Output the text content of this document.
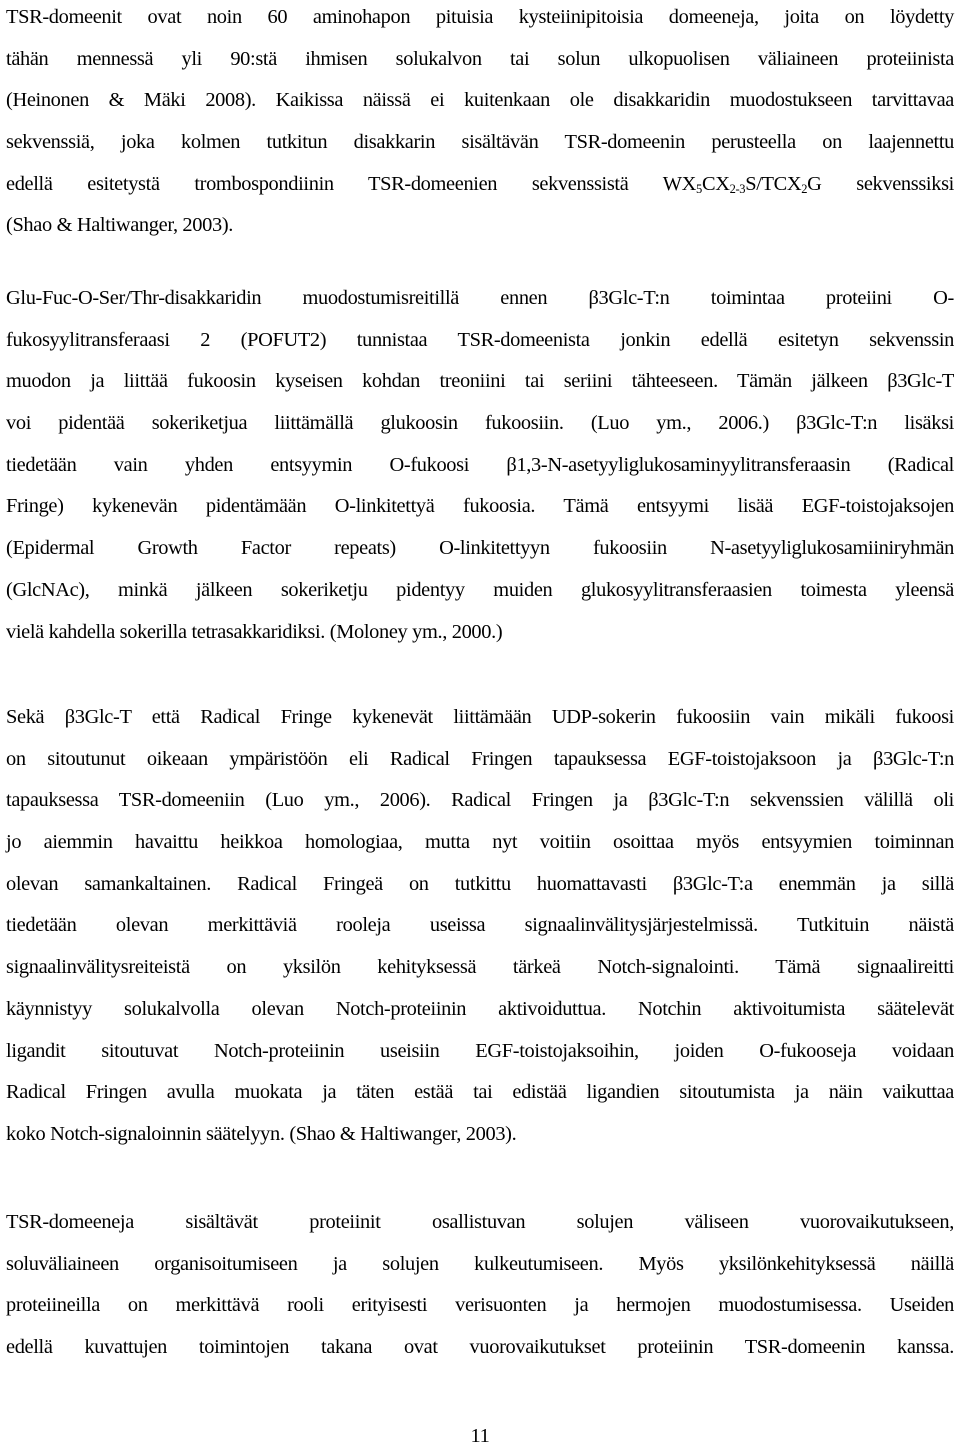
TSR-domeenit ovat noin 60 aminohapon pituisia kysteiinipitoisia domeeneja, joita on löydetty
tähän mennessä yli 90:stä ihmisen solukalvon tai solun ulkopuolisen väliaineen proteiinista
(Heinonen & Mäki 2008). Kaikissa näissä ei kuitenkaan ole disakkaridin muodostukseen tarvittavaa
sekvenssiä, joka kolmen tutkitun disakkarin sisältävän TSR-domeenin perusteella on laajennettu
edellä esitetystä trombospondiinin TSR-domeenien sekvenssistä $WX_5CX_{2-3}S/TCX_2G$ sekvenssiksi
(Shao & Haltiwanger, 2003).
Glu-Fuc-O-Ser/Thr-disakkaridin muodostumisreitillä ennen β3Glc-T:n toimintaa proteiini O-
fukosyylitransferaasi 2 (POFUT2) tunnistaa TSR-domeenista jonkin edellä esitetyn sekvenssin
muodon ja liittää fukoosin kyseisen kohdan treoniini tai seriini tähteeseen. Tämän jälkeen β3Glc-T
voi pidentää sokeriketjua liittämällä glukoosin fukoosiin. (Luo ym., 2006.) β3Glc-T:n lisäksi
tiedetään vain yhden entsyymin O-fukoosi β1,3-N-asetyyliglukosaminyylitransferaasin (Radical
Fringe) kykenevän pidentämään O-linkitettyä fukoosia. Tämä entsyymi lisää EGF-toistojaksojen
(Epidermal Growth Factor repeats) O-linkitettyyn fukoosiin N-asetyyliglukosamiiniryhmän
(GlcNAc), minkä jälkeen sokeriketju pidentyy muiden glukosyylitransferaasien toimesta yleensä
vielä kahdella sokerilla tetrasakkaridiksi. (Moloney ym., 2000.)
Sekä β3Glc-T että Radical Fringe kykenevät liittämään UDP-sokerin fukoosiin vain mikäli fukoosi
on sitoutunut oikeaan ympäristöön eli Radical Fringen tapauksessa EGF-toistojaksoon ja β3Glc-T:n
tapauksessa TSR-domeeniin (Luo ym., 2006). Radical Fringen ja β3Glc-T:n sekvenssien välillä oli
jo aiemmin havaittu heikkoa homologiaa, mutta nyt voitiin osoittaa myös entsyymien toiminnan
olevan samankaltainen. Radical Fringeä on tutkittu huomattavasti β3Glc-T:a enemmän ja sillä
tiedetään olevan merkittäviä rooleja useissa signaalinvälitysjärjestelmissä. Tutkituin näistä
signaalinvälitysreiteistä on yksilön kehityksessä tärkeä Notch-signalointi. Tämä signaalireitti
käynnistyy solukalvolla olevan Notch-proteiinin aktivoiduttua. Notchin aktivoitumista säätelevät
ligandit sitoutuvat Notch-proteiinin useisiin EGF-toistojaksoihin, joiden O-fukooseja voidaan
Radical Fringen avulla muokata ja täten estää tai edistää ligandien sitoutumista ja näin vaikuttaa
koko Notch-signaloinnin säätelyyn. (Shao & Haltiwanger, 2003).
TSR-domeeneja sisältävät proteiinit osallistuvan solujen väliseen vuorovaikutukseen,
soluväliaineen organisoitumiseen ja solujen kulkeutumiseen. Myös yksilönkehityksessä näillä
proteiineilla on merkittävä rooli erityisesti verisuonten ja hermojen muodostumisessa. Useiden
edellä kuvattujen toimintojen takana ovat vuorovaikutukset proteiinin TSR-domeenin kanssa.
11
